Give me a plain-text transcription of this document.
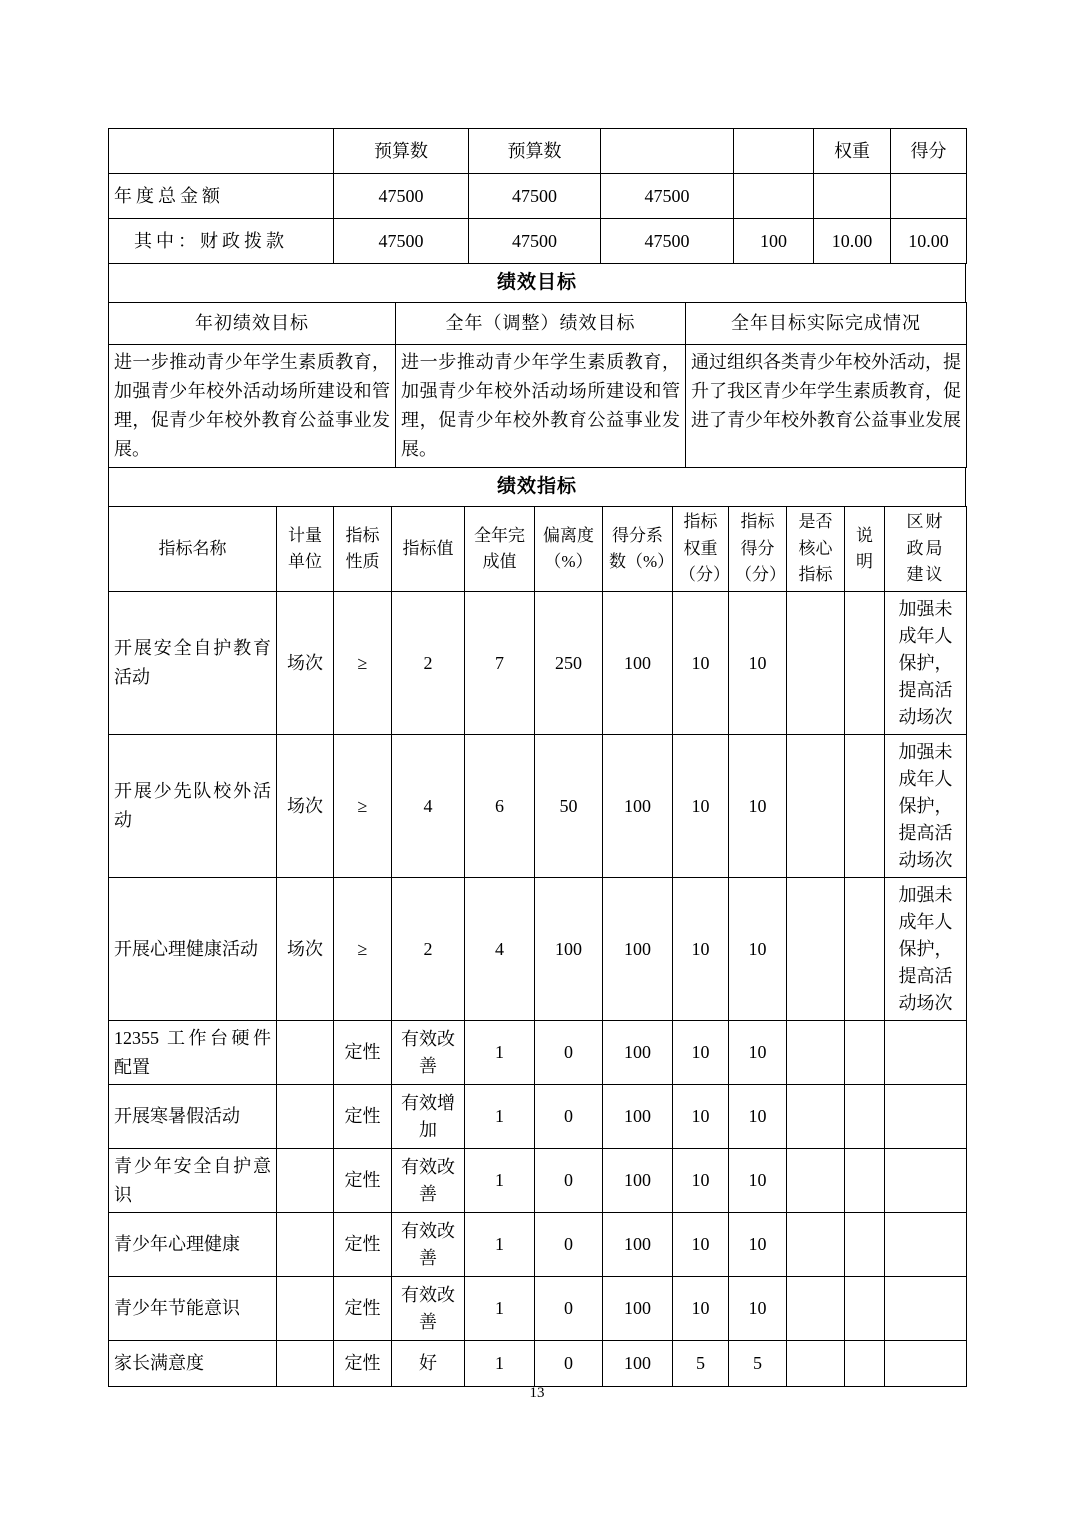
	预算数	预算数			权重	得分
年度总金额	47500	47500	47500			
其中：财政拨款	47500	47500	47500	100	10.00	10.00
绩效目标
年初绩效目标	全年（调整）绩效目标	全年目标实际完成情况
进一步推动青少年学生素质教育，加强青少年校外活动场所建设和管理，促青少年校外教育公益事业发展。	进一步推动青少年学生素质教育，加强青少年校外活动场所建设和管理，促青少年校外教育公益事业发展。	通过组织各类青少年校外活动，提升了我区青少年学生素质教育，促进了青少年校外教育公益事业发展
绩效指标
指标名称	计量单位	指标性质	指标值	全年完成值	偏离度（%）	得分系数（%）	指标权重（分）	指标得分（分）	是否核心指标	说明	区财政局建议
开展安全自护教育活动	场次	≥	2	7	250	100	10	10			加强未成年人保护，提高活动场次
开展少先队校外活动	场次	≥	4	6	50	100	10	10			加强未成年人保护，提高活动场次
开展心理健康活动	场次	≥	2	4	100	100	10	10			加强未成年人保护，提高活动场次
12355 工作台硬件配置		定性	有效改善	1	0	100	10	10			
开展寒暑假活动		定性	有效增加	1	0	100	10	10			
青少年安全自护意识		定性	有效改善	1	0	100	10	10			
青少年心理健康		定性	有效改善	1	0	100	10	10			
青少年节能意识		定性	有效改善	1	0	100	10	10			
家长满意度		定性	好	1	0	100	5	5			
13
